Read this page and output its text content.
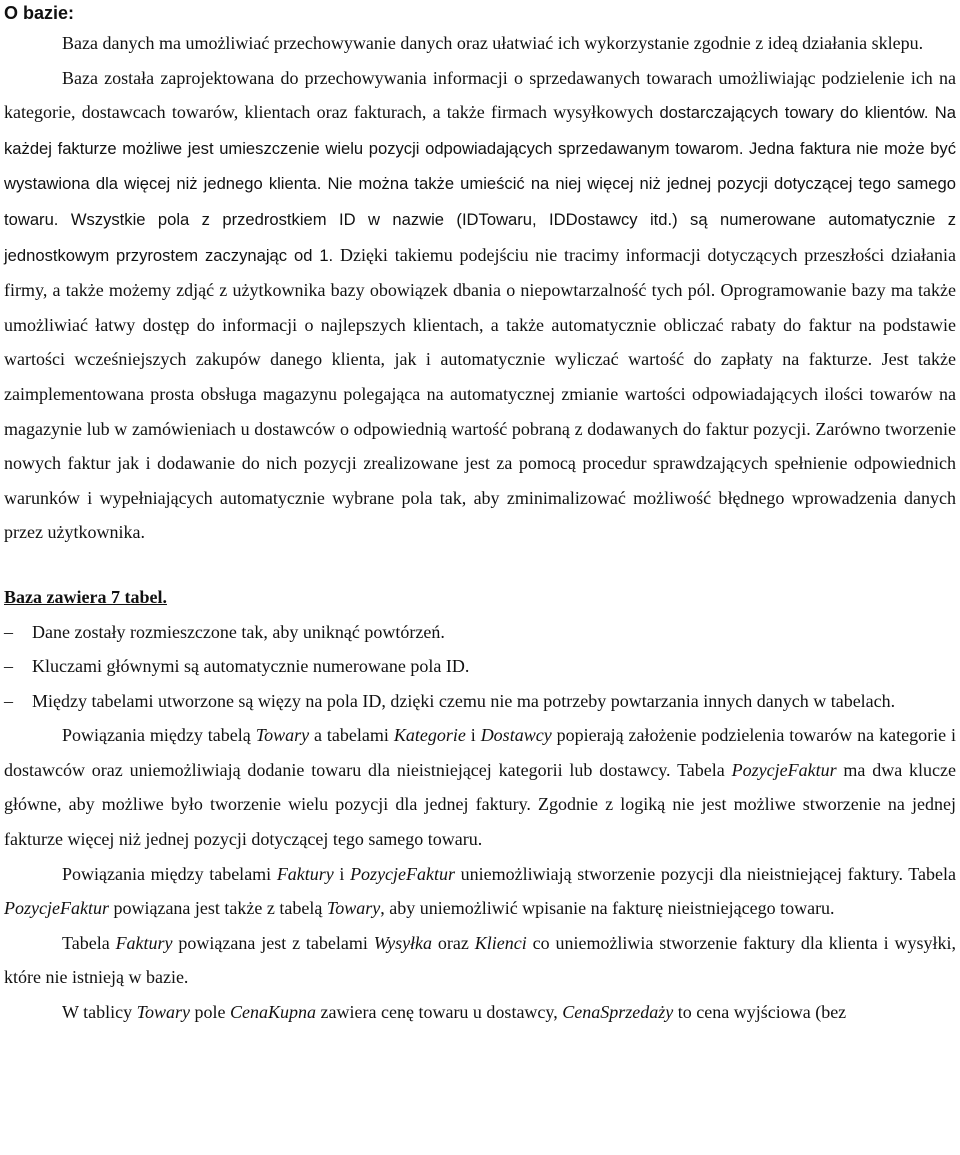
O bazie:

Baza danych ma umożliwiać przechowywanie danych oraz ułatwiać ich wykorzystanie zgodnie z ideą działania sklepu.

Baza została zaprojektowana do przechowywania informacji o sprzedawanych towarach umożliwiając podzielenie ich na kategorie, dostawcach towarów, klientach oraz fakturach, a także firmach wysyłkowych dostarczających towary do klientów. Na każdej fakturze możliwe jest umieszczenie wielu pozycji odpowiadających sprzedawanym towarom. Jedna faktura nie może być wystawiona dla więcej niż jednego klienta. Nie można także umieścić na niej więcej niż jednej pozycji dotyczącej tego samego towaru. Wszystkie pola z przedrostkiem ID w nazwie (IDTowaru, IDDostawcy itd.) są numerowane automatycznie z jednostkowym przyrostem zaczynając od 1. Dzięki takiemu podejściu nie tracimy informacji dotyczących przeszłości działania firmy, a także możemy zdjąć z użytkownika bazy obowiązek dbania o niepowtarzalność tych pól. Oprogramowanie bazy ma także umożliwiać łatwy dostęp do informacji o najlepszych klientach, a także automatycznie obliczać rabaty do faktur na podstawie wartości wcześniejszych zakupów danego klienta, jak i automatycznie wyliczać wartość do zapłaty na fakturze. Jest także zaimplementowana prosta obsługa magazynu polegająca na automatycznej zmianie wartości odpowiadających ilości towarów na magazynie lub w zamówieniach u dostawców o odpowiednią wartość pobraną z dodawanych do faktur pozycji. Zarówno tworzenie nowych faktur jak i dodawanie do nich pozycji zrealizowane jest za pomocą procedur sprawdzających spełnienie odpowiednich warunków i wypełniających automatycznie wybrane pola tak, aby zminimalizować możliwość błędnego wprowadzenia danych przez użytkownika.

Baza zawiera 7 tabel.

–	Dane zostały rozmieszczone tak, aby uniknąć powtórzeń.
–	Kluczami głównymi są automatycznie numerowane pola ID.
–	Między tabelami utworzone są więzy na pola ID, dzięki czemu nie ma potrzeby powtarzania innych danych w tabelach.

Powiązania między tabelą Towary a tabelami Kategorie i Dostawcy popierają założenie podzielenia towarów na kategorie i dostawców oraz uniemożliwiają dodanie towaru dla nieistniejącej kategorii lub dostawcy. Tabela PozycjeFaktur ma dwa klucze główne, aby możliwe było tworzenie wielu pozycji dla jednej faktury. Zgodnie z logiką nie jest możliwe stworzenie na jednej fakturze więcej niż jednej pozycji dotyczącej tego samego towaru.

Powiązania między tabelami Faktury i PozycjeFaktur uniemożliwiają stworzenie pozycji dla nieistniejącej faktury. Tabela PozycjeFaktur powiązana jest także z tabelą Towary, aby uniemożliwić wpisanie na fakturę nieistniejącego towaru.

Tabela Faktury powiązana jest z tabelami Wysyłka oraz Klienci co uniemożliwia stworzenie faktury dla klienta i wysyłki, które nie istnieją w bazie.

W tablicy Towary pole CenaKupna zawiera cenę towaru u dostawcy, CenaSprzedaży to cena wyjściowa (bez
